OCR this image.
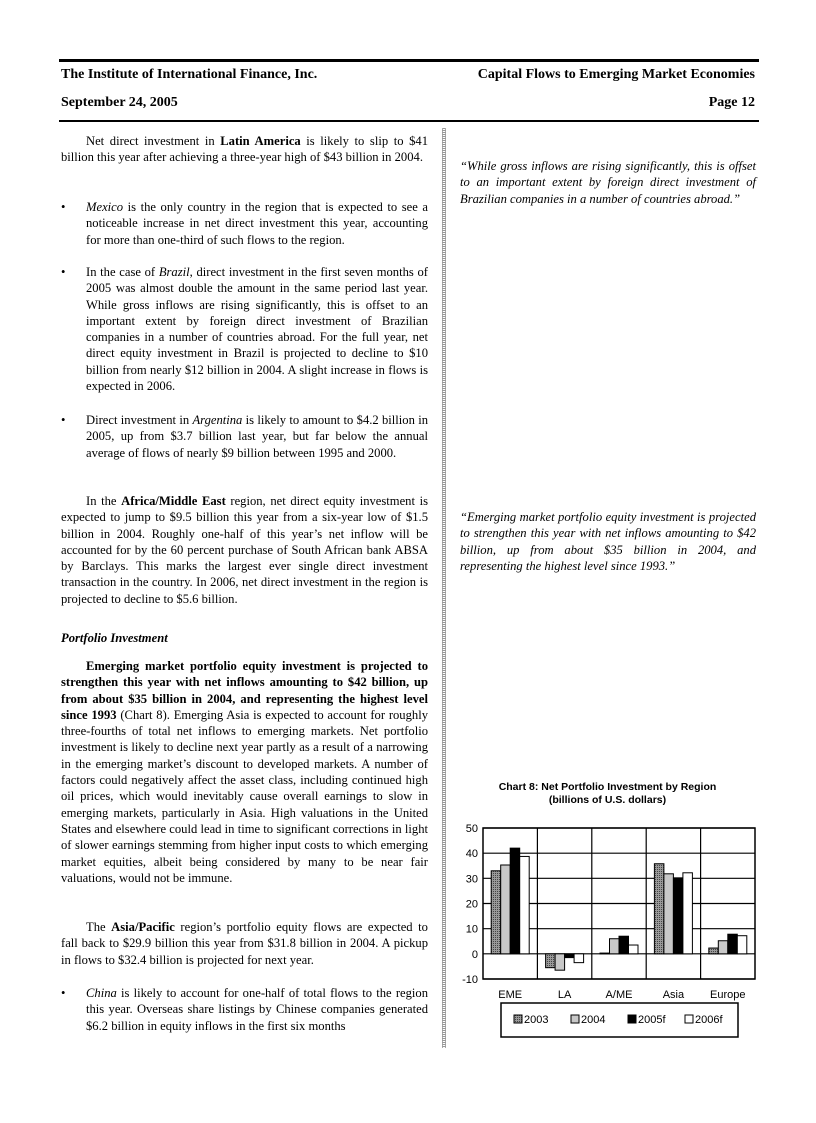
The Institute of International Finance, Inc.	Capital Flows to Emerging Market Economies
September 24, 2005	Page 12
Net direct investment in Latin America is likely to slip to $41 billion this year after achieving a three-year high of $43 billion in 2004.
• Mexico is the only country in the region that is expected to see a noticeable increase in net direct investment this year, accounting for more than one-third of such flows to the region.
• In the case of Brazil, direct investment in the first seven months of 2005 was almost double the amount in the same period last year. While gross inflows are rising significantly, this is offset to an important extent by foreign direct investment of Brazilian companies in a number of countries abroad. For the full year, net direct equity investment in Brazil is projected to decline to $10 billion from nearly $12 billion in 2004. A slight increase in flows is expected in 2006.
• Direct investment in Argentina is likely to amount to $4.2 billion in 2005, up from $3.7 billion last year, but far below the annual average of flows of nearly $9 billion between 1995 and 2000.
In the Africa/Middle East region, net direct equity investment is expected to jump to $9.5 billion this year from a six-year low of $1.5 billion in 2004. Roughly one-half of this year’s net inflow will be accounted for by the 60 percent purchase of South African bank ABSA by Barclays. This marks the largest ever single direct investment transaction in the country. In 2006, net direct investment in the region is projected to decline to $5.6 billion.
Portfolio Investment
Emerging market portfolio equity investment is projected to strengthen this year with net inflows amounting to $42 billion, up from about $35 billion in 2004, and representing the highest level since 1993 (Chart 8). Emerging Asia is expected to account for roughly three-fourths of total net inflows to emerging markets. Net portfolio investment is likely to decline next year partly as a result of a narrowing in the emerging market’s discount to developed markets. A number of factors could negatively affect the asset class, including continued high oil prices, which would inevitably cause overall earnings to slow in emerging markets, particularly in Asia. High valuations in the United States and elsewhere could lead in time to significant corrections in light of slower earnings stemming from higher input costs to which emerging market equities, albeit being considered by many to be near fair valuations, would not be immune.
The Asia/Pacific region’s portfolio equity flows are expected to fall back to $29.9 billion this year from $31.8 billion in 2004. A pickup in flows to $32.4 billion is projected for next year.
• China is likely to account for one-half of total flows to the region this year. Overseas share listings by Chinese companies generated $6.2 billion in equity inflows in the first six months
“While gross inflows are rising significantly, this is offset to an important extent by foreign direct investment of Brazilian companies in a number of countries abroad.”
“Emerging market portfolio equity investment is projected to strengthen this year with net inflows amounting to $42 billion, up from about $35 billion in 2004, and representing the highest level since 1993.”
Chart 8: Net Portfolio Investment by Region
(billions of U.S. dollars)
-10
0
10
20
30
40
50
EME	LA	A/ME	Asia Europe
2003	2004	2005f	2006f
